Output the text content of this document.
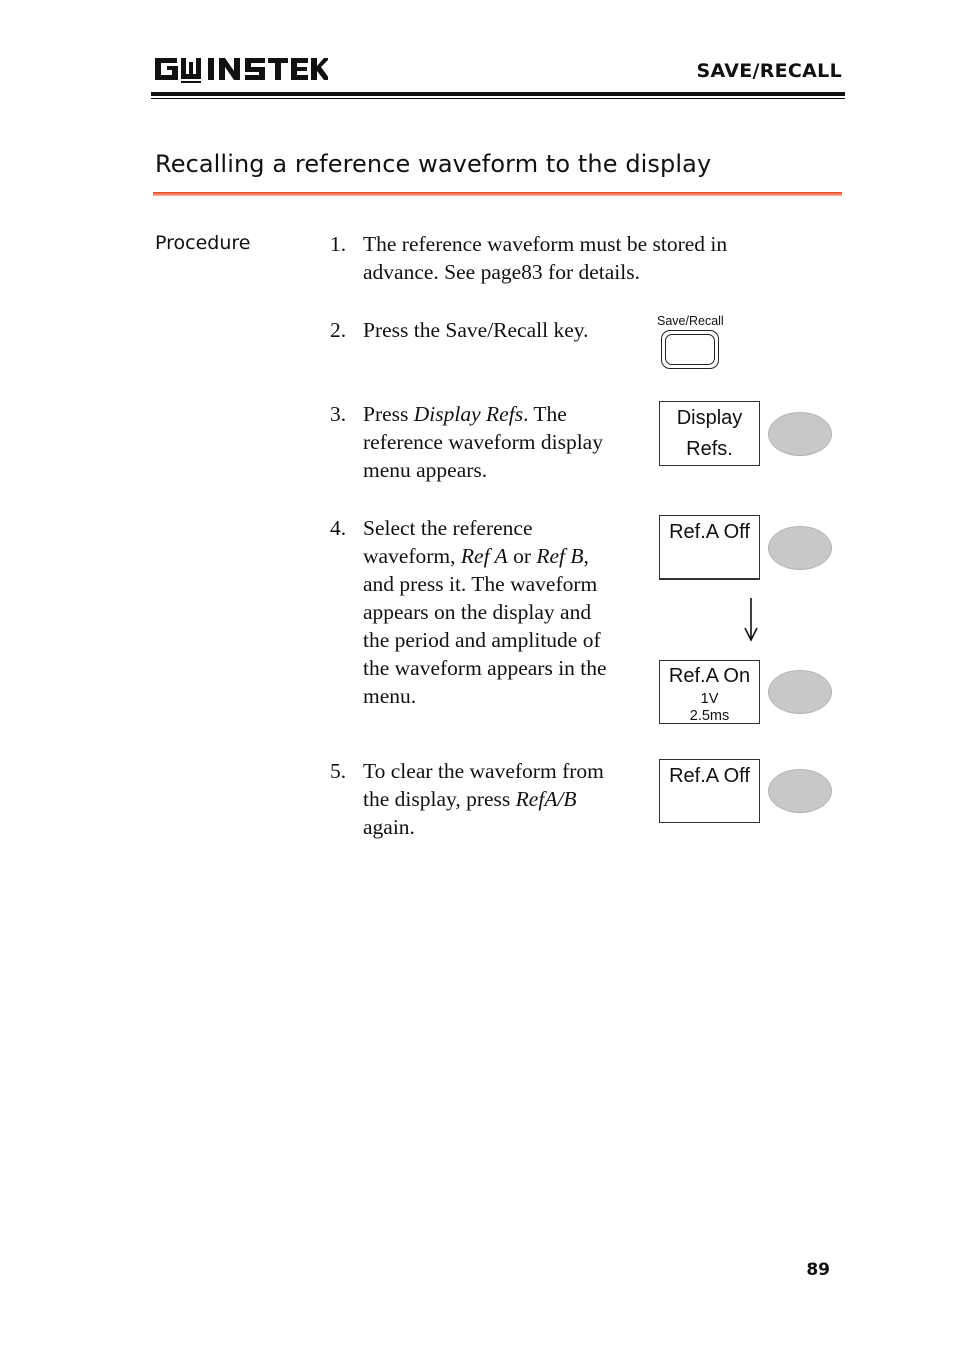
SAVE/RECALL
Recalling a reference waveform to the display
Procedure	1. The reference waveform must be stored in
advance. See page83 for details.
2. Press the Save/Recall key.	Save/Recall
3. Press Display Refs. The
reference waveform display
menu appears.
Display
Refs.
4. Select the reference
waveform, Ref A or Ref B,
and press it. The waveform
appears on the display and
the period and amplitude of
the waveform appears in the
menu.
Ref.A Off
Ref.A On
1V
2.5ms
5. To clear the waveform from
the display, press RefA/B
again.
Ref.A Off
89
